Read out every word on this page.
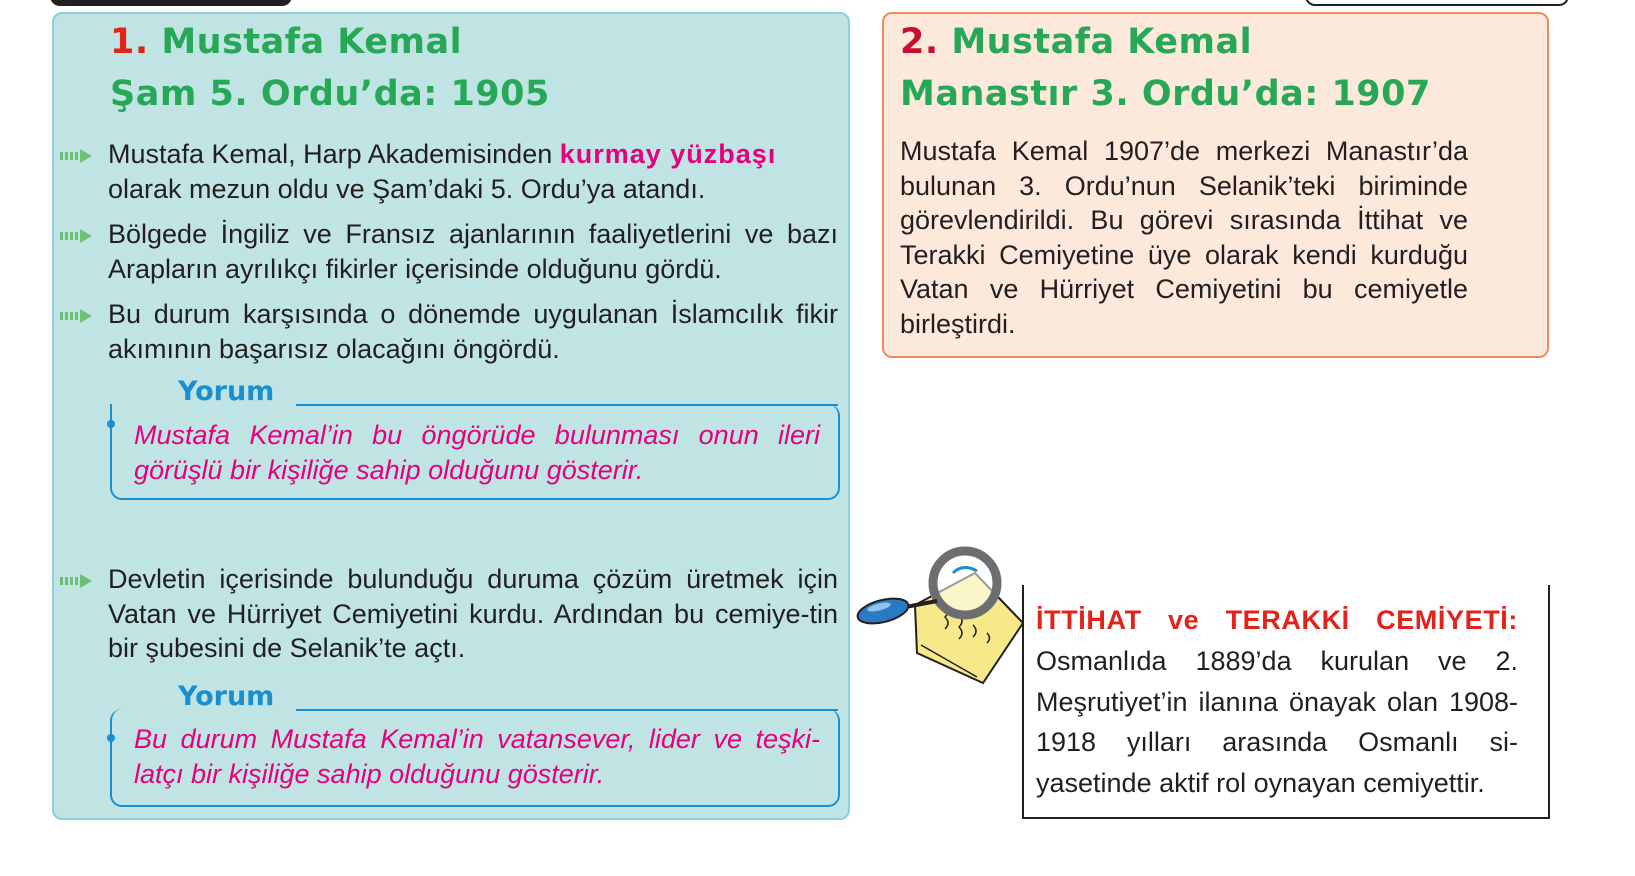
1. Mustafa Kemal
Şam 5. Ordu’da: 1905
Mustafa Kemal, Harp Akademisinden kurmay yüzbaşı
olarak mezun oldu ve Şam’daki 5. Ordu’ya atandı.
Bölgede İngiliz ve Fransız ajanlarının faaliyetlerini ve bazı Arapların ayrılıkçı fikirler içerisinde olduğunu gördü.
Bu durum karşısında o dönemde uygulanan İslamcılık fikir akımının başarısız olacağını öngördü.
Yorum
Mustafa Kemal’in bu öngörüde bulunması onun ileri görüşlü bir kişiliğe sahip olduğunu gösterir.
Devletin içerisinde bulunduğu duruma çözüm üretmek için Vatan ve Hürriyet Cemiyetini kurdu. Ardından bu cemiye-tin bir şubesini de Selanik’te açtı.
Yorum
Bu durum Mustafa Kemal’in vatansever, lider ve teşki-latçı bir kişiliğe sahip olduğunu gösterir.
2. Mustafa Kemal
Manastır 3. Ordu’da: 1907
Mustafa Kemal 1907’de merkezi Manastır’da bulunan 3. Ordu’nun Selanik’teki biriminde görevlendirildi. Bu görevi sırasında İttihat ve Terakki Cemiyetine üye olarak kendi kurduğu Vatan ve Hürriyet Cemiyetini bu cemiyetle birleştirdi.
İTTİHAT ve TERAKKİ CEMİYETİ:
Osmanlıda 1889’da kurulan ve 2. Meşrutiyet’in ilanına önayak olan 1908-1918 yılları arasında Osmanlı si-yasetinde aktif rol oynayan cemiyettir.
